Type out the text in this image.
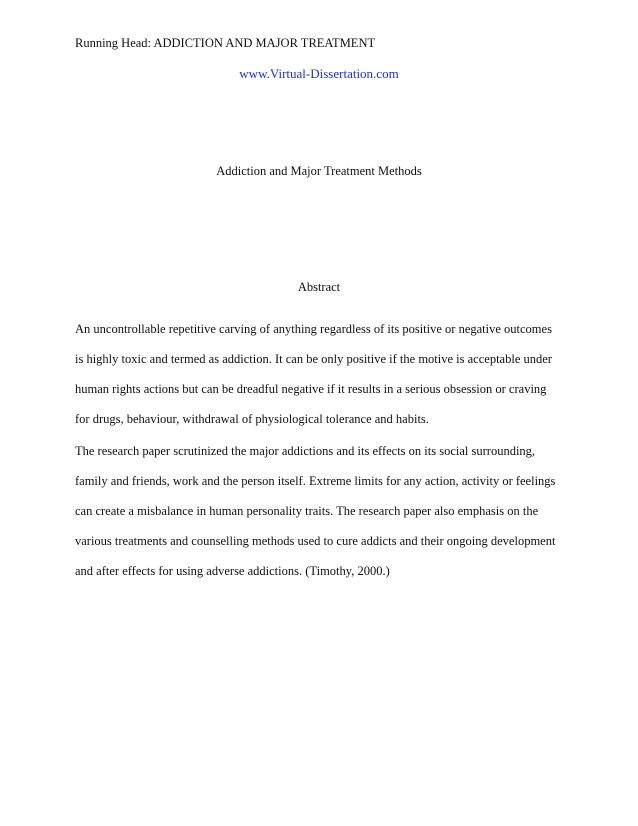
Running Head: ADDICTION AND MAJOR TREATMENT
www.Virtual-Dissertation.com
Addiction and Major Treatment Methods
Abstract
An uncontrollable repetitive carving of anything regardless of its positive or negative outcomes
is highly toxic and termed as addiction. It can be only positive if the motive is acceptable under
human rights actions but can be dreadful negative if it results in a serious obsession or craving
for drugs, behaviour, withdrawal of physiological tolerance and habits.
The research paper scrutinized the major addictions and its effects on its social surrounding,
family and friends, work and the person itself. Extreme limits for any action, activity or feelings
can create a misbalance in human personality traits. The research paper also emphasis on the
various treatments and counselling methods used to cure addicts and their ongoing development
and after effects for using adverse addictions. (Timothy, 2000.)
